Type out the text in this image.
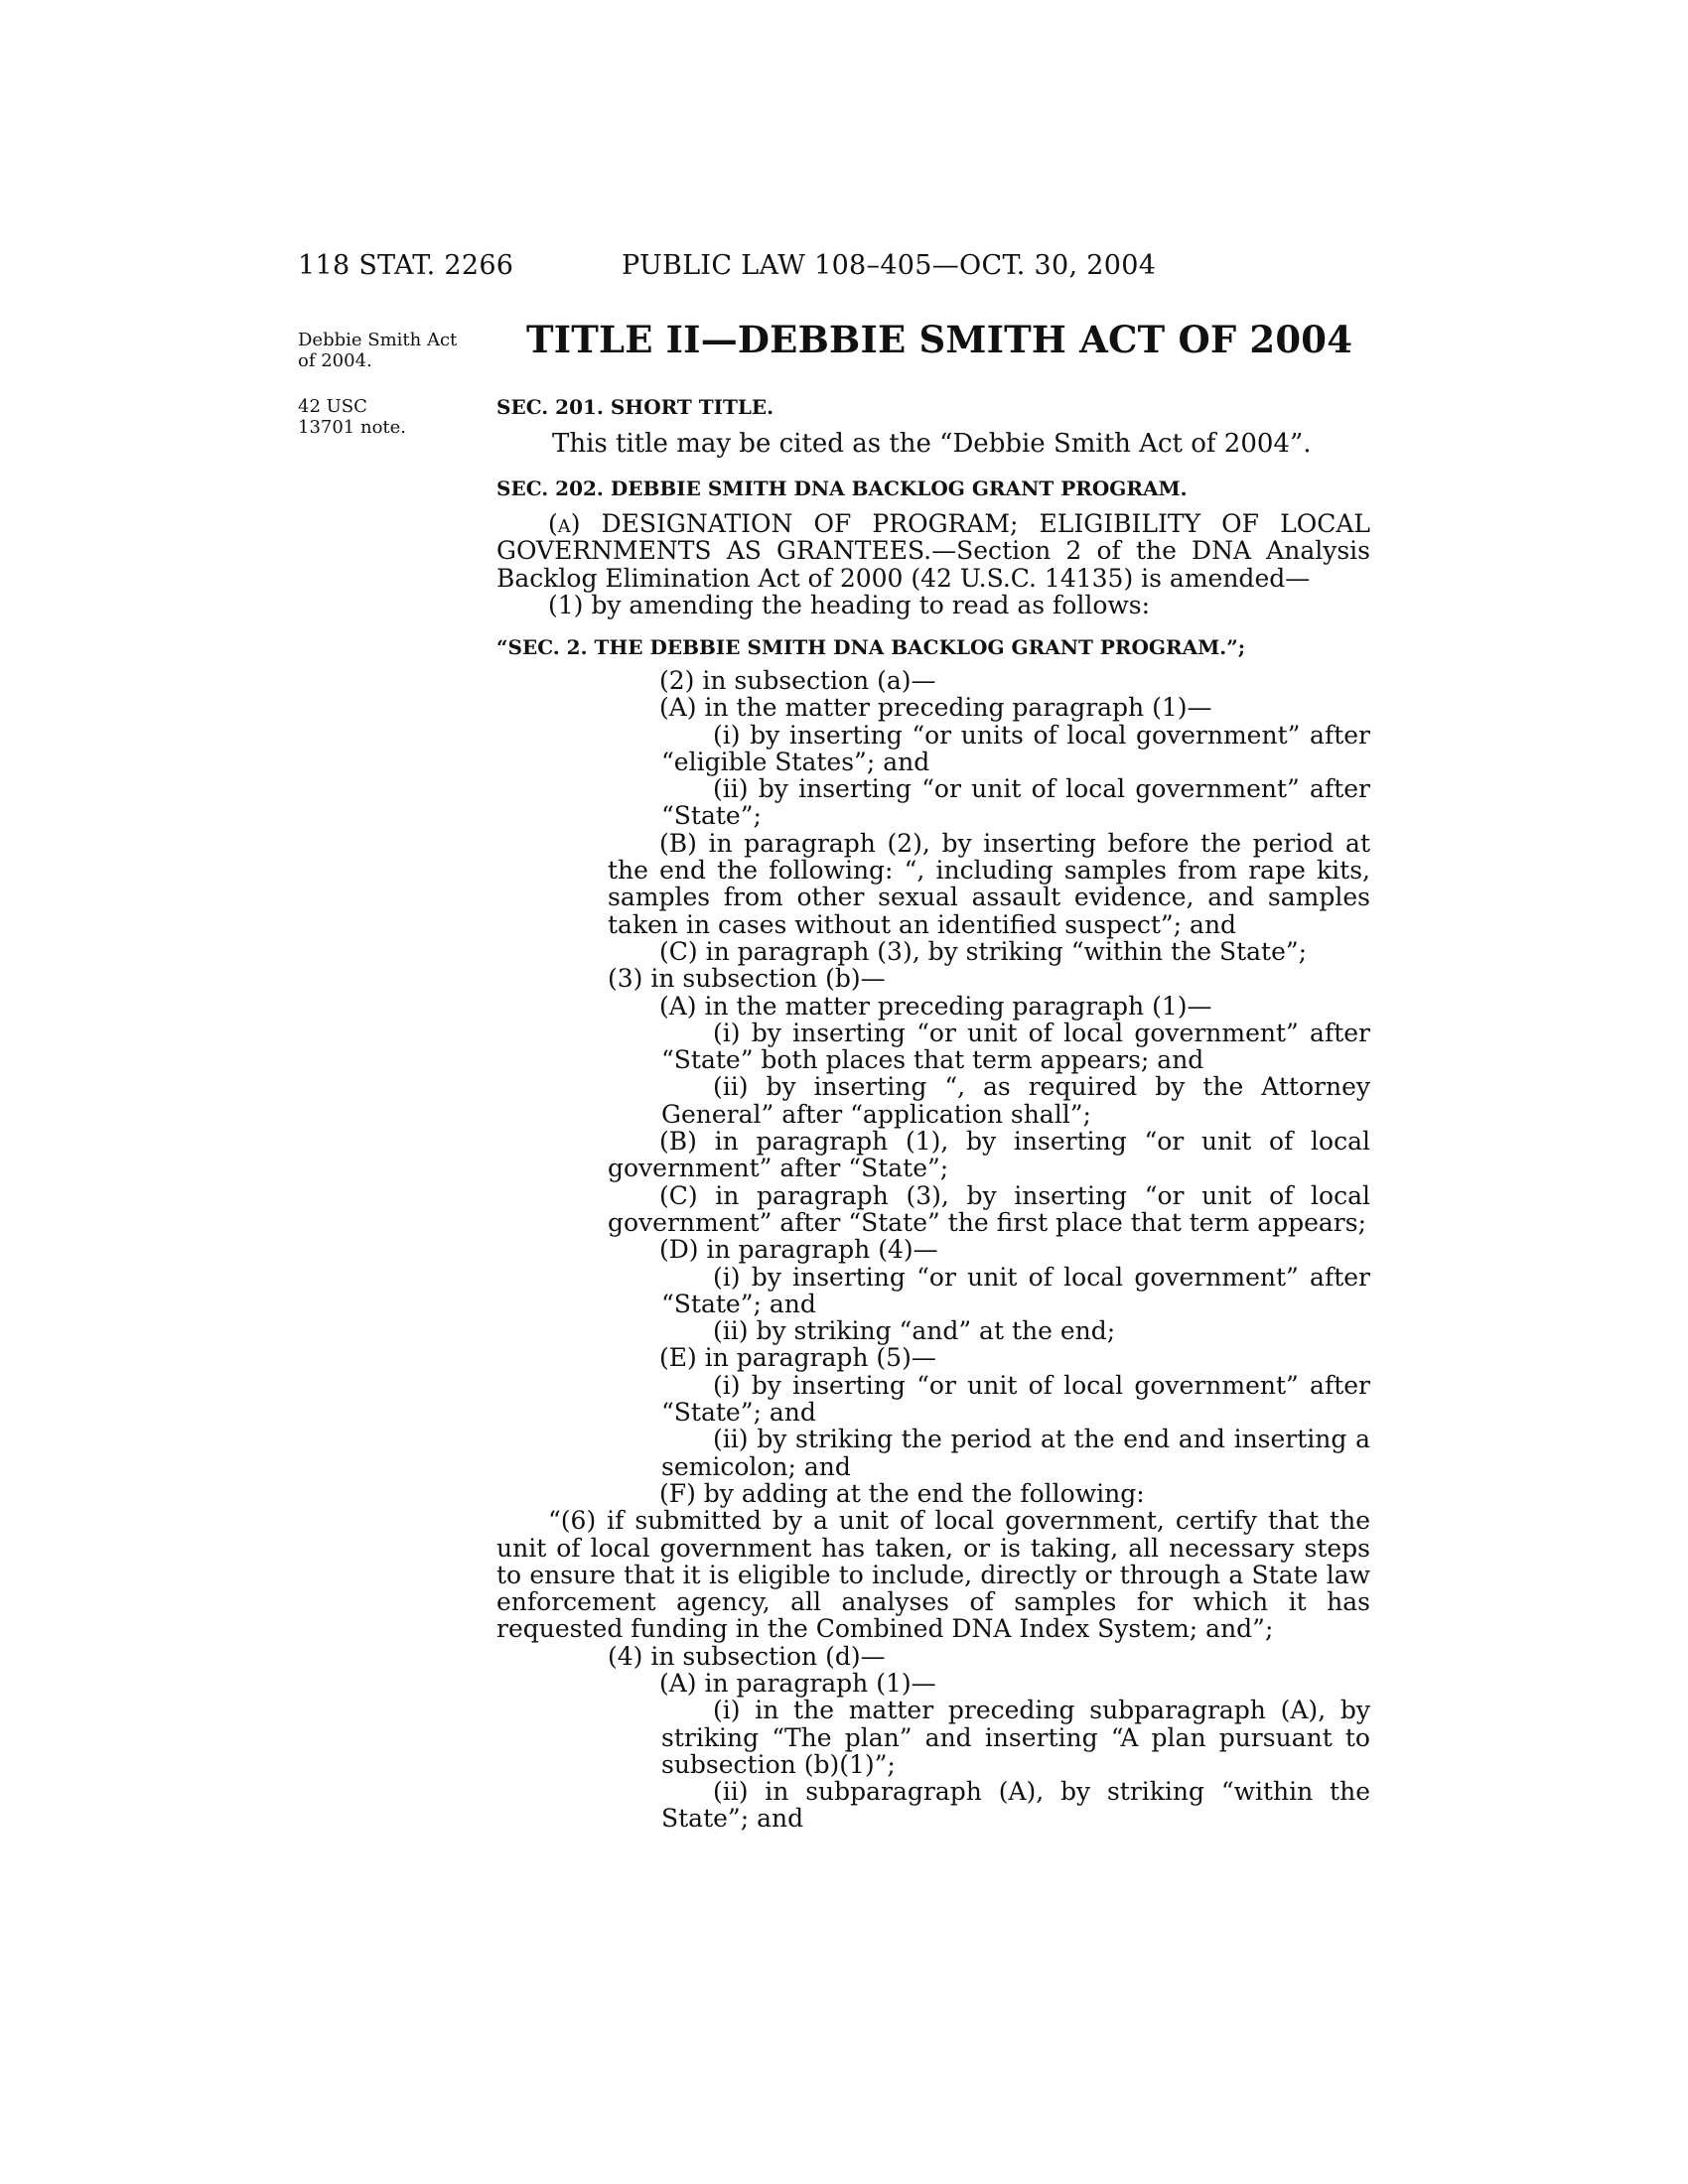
118 STAT. 2266	PUBLIC LAW 108–405—OCT. 30, 2004
Debbie Smith Act of 2004.
42 USC 13701 note.
TITLE II—DEBBIE SMITH ACT OF 2004
SEC. 201. SHORT TITLE.
This title may be cited as the “Debbie Smith Act of 2004”.
SEC. 202. DEBBIE SMITH DNA BACKLOG GRANT PROGRAM.

(a) DESIGNATION OF PROGRAM; ELIGIBILITY OF LOCAL GOVERNMENTS AS GRANTEES.—Section 2 of the DNA Analysis Backlog Elimination Act of 2000 (42 U.S.C. 14135) is amended—

(1) by amending the heading to read as follows:

“SEC. 2. THE DEBBIE SMITH DNA BACKLOG GRANT PROGRAM.”;

(2) in subsection (a)—

(A) in the matter preceding paragraph (1)—

(i) by inserting “or units of local government” after “eligible States”; and

(ii) by inserting “or unit of local government” after “State”;

(B) in paragraph (2), by inserting before the period at the end the following: “, including samples from rape kits, samples from other sexual assault evidence, and samples taken in cases without an identified suspect”; and

(C) in paragraph (3), by striking “within the State”;

(3) in subsection (b)—

(A) in the matter preceding paragraph (1)—

(i) by inserting “or unit of local government” after “State” both places that term appears; and

(ii) by inserting “, as required by the Attorney General” after “application shall”;

(B) in paragraph (1), by inserting “or unit of local government” after “State”;

(C) in paragraph (3), by inserting “or unit of local government” after “State” the first place that term appears;

(D) in paragraph (4)—

(i) by inserting “or unit of local government” after “State”; and

(ii) by striking “and” at the end;

(E) in paragraph (5)—

(i) by inserting “or unit of local government” after “State”; and

(ii) by striking the period at the end and inserting a semicolon; and

(F) by adding at the end the following:

“(6) if submitted by a unit of local government, certify that the unit of local government has taken, or is taking, all necessary steps to ensure that it is eligible to include, directly or through a State law enforcement agency, all analyses of samples for which it has requested funding in the Combined DNA Index System; and”;

(4) in subsection (d)—

(A) in paragraph (1)—

(i) in the matter preceding subparagraph (A), by striking “The plan” and inserting “A plan pursuant to subsection (b)(1)”;

(ii) in subparagraph (A), by striking “within the State”; and
